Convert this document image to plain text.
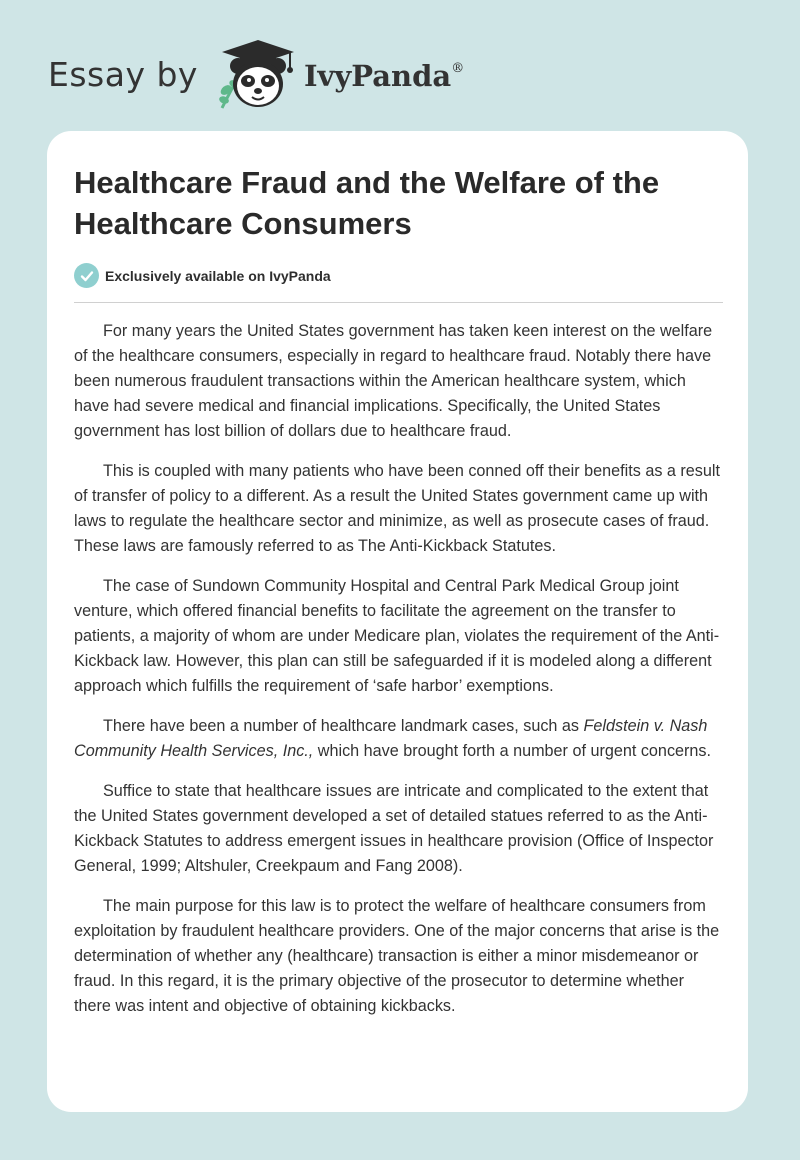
Essay by	IvyPanda®
Healthcare Fraud and the Welfare of the Healthcare Consumers
Exclusively available on IvyPanda

For many years the United States government has taken keen interest on the welfare of the healthcare consumers, especially in regard to healthcare fraud. Notably there have been numerous fraudulent transactions within the American healthcare system, which have had severe medical and financial implications. Specifically, the United States government has lost billion of dollars due to healthcare fraud.

This is coupled with many patients who have been conned off their benefits as a result of transfer of policy to a different. As a result the United States government came up with laws to regulate the healthcare sector and minimize, as well as prosecute cases of fraud. These laws are famously referred to as The Anti-Kickback Statutes.

The case of Sundown Community Hospital and Central Park Medical Group joint venture, which offered financial benefits to facilitate the agreement on the transfer to patients, a majority of whom are under Medicare plan, violates the requirement of the Anti-Kickback law. However, this plan can still be safeguarded if it is modeled along a different approach which fulfills the requirement of ‘safe harbor’ exemptions.

There have been a number of healthcare landmark cases, such as Feldstein v. Nash Community Health Services, Inc., which have brought forth a number of urgent concerns.

Suffice to state that healthcare issues are intricate and complicated to the extent that the United States government developed a set of detailed statues referred to as the Anti-Kickback Statutes to address emergent issues in healthcare provision (Office of Inspector General, 1999; Altshuler, Creekpaum and Fang 2008).

The main purpose for this law is to protect the welfare of healthcare consumers from exploitation by fraudulent healthcare providers. One of the major concerns that arise is the determination of whether any (healthcare) transaction is either a minor misdemeanor or fraud. In this regard, it is the primary objective of the prosecutor to determine whether there was intent and objective of obtaining kickbacks.
